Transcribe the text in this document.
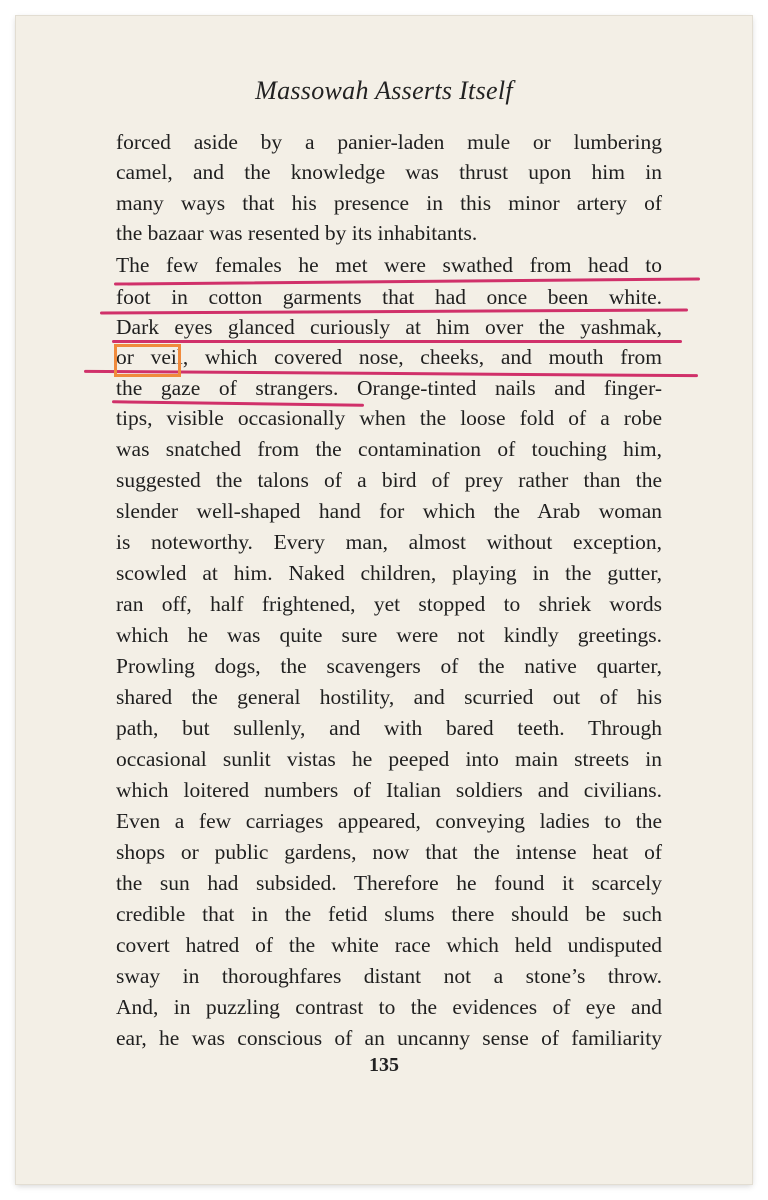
Massowah Asserts Itself
forced aside by a panier-laden mule or lumbering
camel, and the knowledge was thrust upon him in
many ways that his presence in this minor artery of
the bazaar was resented by its inhabitants.
The few females he met were swathed from head to
foot in cotton garments that had once been white.
Dark eyes glanced curiously at him over the yashmak,
or veil, which covered nose, cheeks, and mouth from
the gaze of strangers. Orange-tinted nails and finger-
tips, visible occasionally when the loose fold of a robe
was snatched from the contamination of touching him,
suggested the talons of a bird of prey rather than the
slender well-shaped hand for which the Arab woman
is noteworthy. Every man, almost without exception,
scowled at him. Naked children, playing in the gutter,
ran off, half frightened, yet stopped to shriek words
which he was quite sure were not kindly greetings.
Prowling dogs, the scavengers of the native quarter,
shared the general hostility, and scurried out of his
path, but sullenly, and with bared teeth. Through
occasional sunlit vistas he peeped into main streets in
which loitered numbers of Italian soldiers and civilians.
Even a few carriages appeared, conveying ladies to the
shops or public gardens, now that the intense heat of
the sun had subsided. Therefore he found it scarcely
credible that in the fetid slums there should be such
covert hatred of the white race which held undisputed
sway in thoroughfares distant not a stone’s throw.
And, in puzzling contrast to the evidences of eye and
ear, he was conscious of an uncanny sense of familiarity
135
